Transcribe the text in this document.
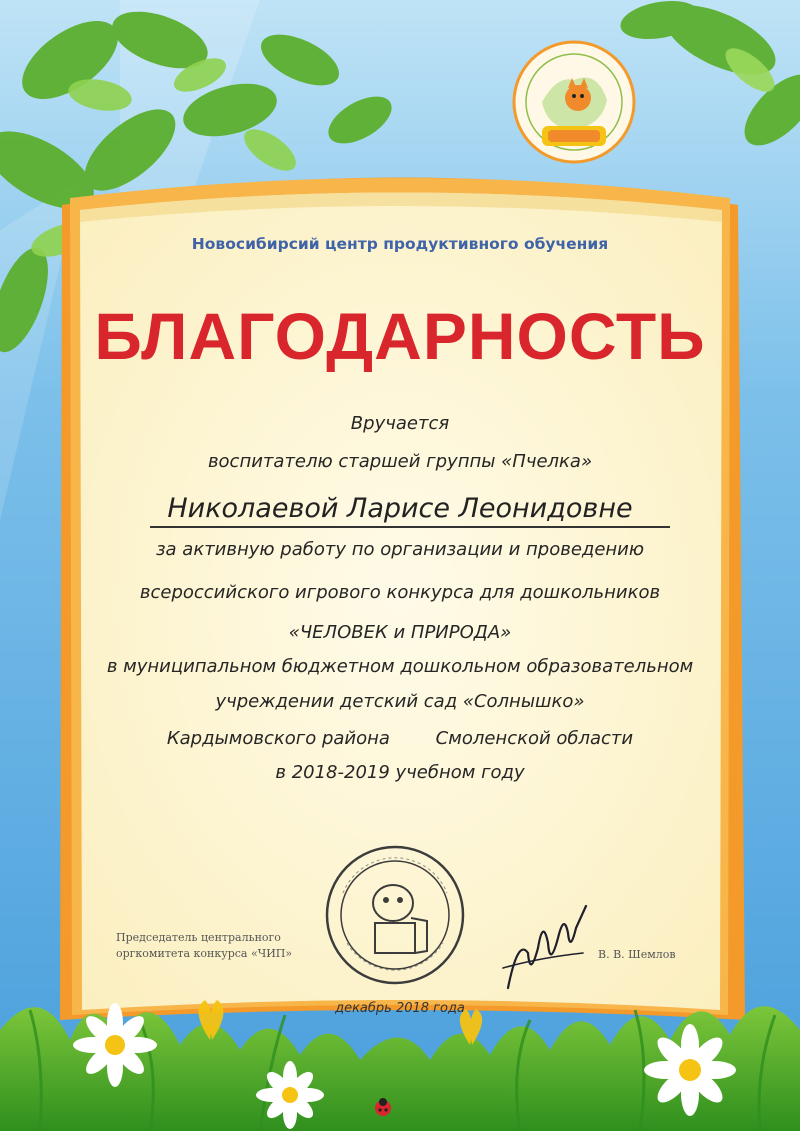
Новосибирсий центр продуктивного обучения

БЛАГОДАРНОСТЬ

Вручается

воспитателю старшей группы «Пчелка»

Николаевой Ларисе Леонидовне

за активную работу по организации и проведению

всероссийского игрового конкурса для дошкольников

«ЧЕЛОВЕК и ПРИРОДА»

в муниципальном бюджетном дошкольном образовательном

учреждении детский сад «Солнышко»

Кардымовского района        Смоленской области

в 2018-2019 учебном году

Председатель центрального
оргкомитета конкурса «ЧИП»	В. В. Шемлов

декабрь 2018 года
